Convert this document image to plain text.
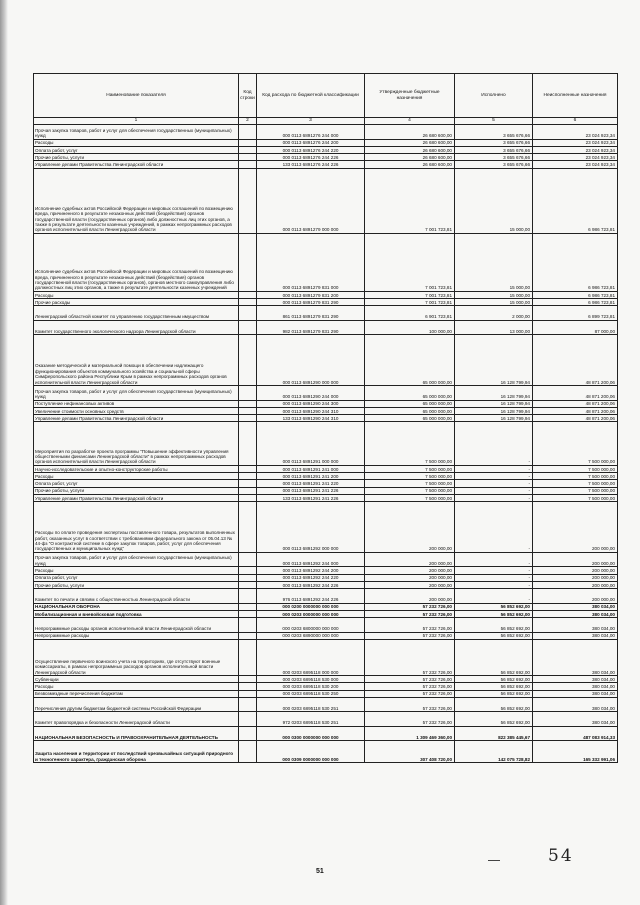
Наименование показателя	Код строки	Код расхода по бюджетной классификации	Утвержденные бюджетные назначения	Исполнено	Неисполненные назначения
1	2	3	4	5	6
Прочая закупка товаров, работ и услуг для обеспечения государственных (муниципальных) нужд		000 0113 6891276 244 000	26 680 600,00	3 655 676,66	23 024 923,34
Расходы		000 0113 6891276 244 200	26 680 600,00	3 655 676,66	23 024 923,34
Оплата работ, услуг		000 0113 6891276 244 220	26 680 600,00	3 655 676,66	23 024 923,34
Прочие работы, услуги		000 0113 6891276 244 226	26 680 600,00	3 655 676,66	23 024 923,34
Управление делами Правительства Ленинградской области		133 0113 6891276 244 226	26 680 600,00	3 655 676,66	23 024 923,34
Исполнение судебных актов Российской Федерации и мировых соглашений по возмещению вреда, причиненного в результате незаконных действий (бездействия) органов государственной власти (государственных органов) либо должностных лиц этих органов, а также в результате деятельности казенных учреждений, в рамках непрограммных расходов органов исполнительной власти Ленинградской области		000 0113 6891279 000 000	7 001 723,81	15 000,00	6 986 723,81
Исполнение судебных актов Российской Федерации и мировых соглашений по возмещению вреда, причиненного в результате незаконных действий (бездействия) органов государственной власти (государственных органов), органов местного самоуправления либо должностных лиц этих органов, а также в результате деятельности казенных учреждений		000 0113 6891279 831 000	7 001 723,81	15 000,00	6 986 723,81
Расходы		000 0113 6891279 831 200	7 001 723,81	15 000,00	6 986 723,81
Прочие расходы		000 0113 6891279 831 290	7 001 723,81	15 000,00	6 986 723,81
Ленинградский областной комитет по управлению государственным имуществом		861 0113 6891279 831 290	6 901 723,81	2 000,00	6 899 723,81
Комитет государственного экологического надзора Ленинградской области		982 0113 6891279 831 290	100 000,00	13 000,00	87 000,00
Оказание методической и материальной помощи в обеспечении надлежащего функционирования объектов коммунального хозяйства и социальной сферы Симферопольского района Республики Крым в рамках непрограммных расходов органов исполнительной власти Ленинградской области		000 0113 6891290 000 000	65 000 000,00	16 128 799,94	48 871 200,06
Прочая закупка товаров, работ и услуг для обеспечения государственных (муниципальных) нужд		000 0113 6891290 244 000	65 000 000,00	16 128 799,94	48 871 200,06
Поступление нефинансовых активов		000 0113 6891290 244 300	65 000 000,00	16 128 799,94	48 871 200,06
Увеличение стоимости основных средств		000 0113 6891290 244 310	65 000 000,00	16 128 799,94	48 871 200,06
Управление делами Правительства Ленинградской области		133 0113 6891290 244 310	65 000 000,00	16 128 799,94	48 871 200,06
Мероприятия по разработке проекта программы "Повышение эффективности управления общественными финансами Ленинградской области" в рамках непрограммных расходов органов исполнительной власти Ленинградской области		000 0113 6891291 000 000	7 500 000,00	-	7 500 000,00
Научно-исследовательские и опытно-конструкторские работы		000 0113 6891291 241 000	7 500 000,00	-	7 500 000,00
Расходы		000 0113 6891291 241 200	7 500 000,00	-	7 500 000,00
Оплата работ, услуг		000 0113 6891291 241 220	7 500 000,00	-	7 500 000,00
Прочие работы, услуги		000 0113 6891291 241 226	7 500 000,00	-	7 500 000,00
Управление делами Правительства Ленинградской области		133 0113 6891291 241 226	7 500 000,00	-	7 500 000,00
Расходы по оплате проведения экспертизы поставленного товара, результатов выполненных работ, оказанных услуг в соответствии с требованиями федерального закона от 05.04.13 № 44-фз "О контрактной системе в сфере закупок товаров, работ, услуг для обеспечения государственных и муниципальных нужд"		000 0113 6891292 000 000	200 000,00	-	200 000,00
Прочая закупка товаров, работ и услуг для обеспечения государственных (муниципальных) нужд		000 0113 6891292 244 000	200 000,00	-	200 000,00
Расходы		000 0113 6891292 244 200	200 000,00	-	200 000,00
Оплата работ, услуг		000 0113 6891292 244 220	200 000,00	-	200 000,00
Прочие работы, услуги		000 0113 6891292 244 226	200 000,00	-	200 000,00
Комитет по печати и связям с общественностью Ленинградской области		976 0113 6891292 244 226	200 000,00	-	200 000,00
НАЦИОНАЛЬНАЯ ОБОРОНА		000 0200 0000000 000 000	57 232 726,00	56 852 692,00	380 034,00
Мобилизационная и вневойсковая подготовка		000 0203 0000000 000 000	57 232 726,00	56 852 692,00	380 034,00
Непрограммные расходы органов исполнительной власти Ленинградской области		000 0203 6800000 000 000	57 232 726,00	56 852 692,00	380 034,00
Непрограммные расходы		000 0203 6890000 000 000	57 232 726,00	56 852 692,00	380 034,00
Осуществление первичного воинского учета на территориях, где отсутствуют военные комиссариаты, в рамках непрограммных расходов органов исполнительной власти Ленинградской области		000 0203 6895118 000 000	57 232 726,00	56 852 692,00	380 034,00
Субвенции		000 0203 6895118 530 000	57 232 726,00	56 852 692,00	380 034,00
Расходы		000 0203 6895118 530 200	57 232 726,00	56 852 692,00	380 034,00
Безвозмездные перечисления бюджетам		000 0203 6895118 530 250	57 232 726,00	56 852 692,00	380 034,00
Перечисления другим бюджетам бюджетной системы Российской Федерации		000 0203 6895118 530 251	57 232 726,00	56 852 692,00	380 034,00
Комитет правопорядка и безопасности Ленинградской области		972 0203 6895118 530 251	57 232 726,00	56 852 692,00	380 034,00
НАЦИОНАЛЬНАЯ БЕЗОПАСНОСТЬ И ПРАВООХРАНИТЕЛЬНАЯ ДЕЯТЕЛЬНОСТЬ		000 0300 0000000 000 000	1 309 469 360,00	822 385 445,67	487 083 914,33
Защита населения и территории от последствий чрезвычайных ситуаций природного и техногенного характера, гражданская оборона		000 0309 0000000 000 000	307 408 720,00	142 075 728,82	165 332 991,06
54
51
